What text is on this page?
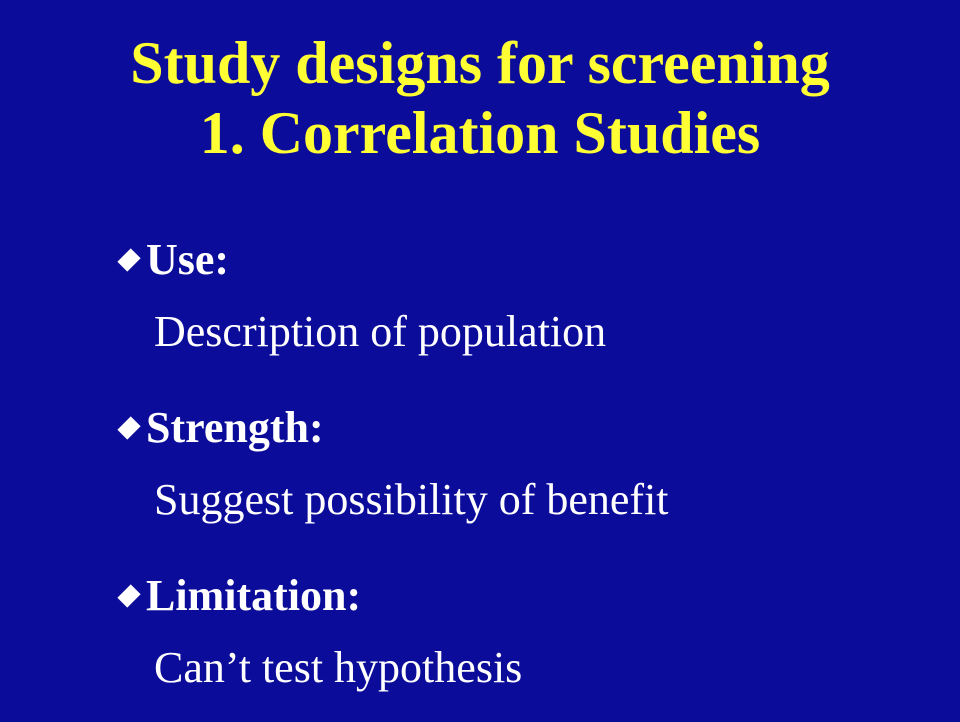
Study designs for screening
1. Correlation Studies
Use:
Description of population
Strength:
Suggest possibility of benefit
Limitation:
Can’t test hypothesis
